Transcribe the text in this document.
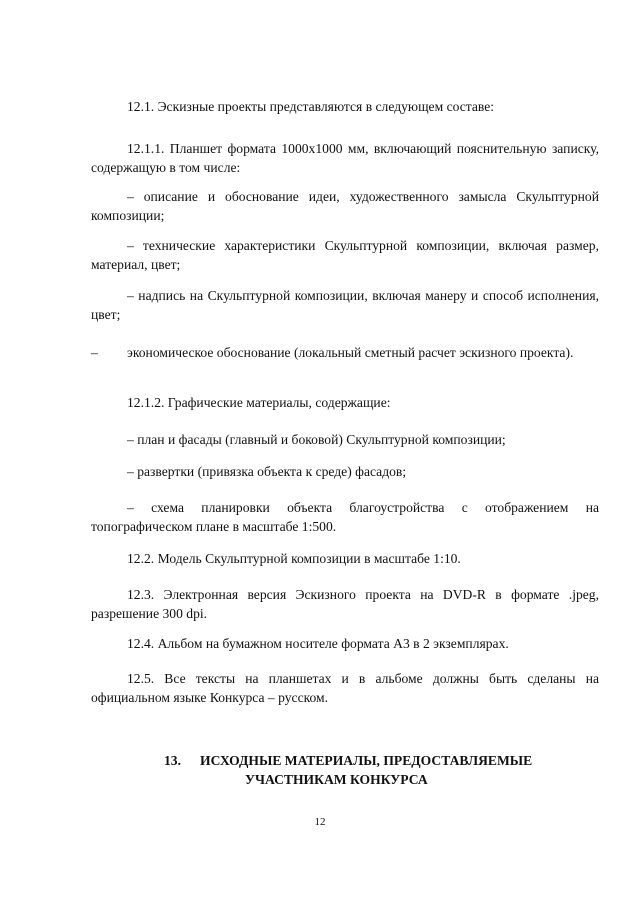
12.1. Эскизные проекты представляются в следующем составе:

12.1.1. Планшет формата 1000x1000 мм, включающий пояснительную записку, содержащую в том числе:

– описание и обоснование идеи, художественного замысла Скульптурной композиции;

– технические характеристики Скульптурной композиции, включая размер, материал, цвет;

– надпись на Скульптурной композиции, включая манеру и способ исполнения, цвет;

– экономическое обоснование (локальный сметный расчет эскизного проекта).

12.1.2. Графические материалы, содержащие:

– план и фасады (главный и боковой) Скульптурной композиции;

– развертки (привязка объекта к среде) фасадов;

– схема планировки объекта благоустройства с отображением на топографическом плане в масштабе 1:500.

12.2. Модель Скульптурной композиции в масштабе 1:10.

12.3. Электронная версия Эскизного проекта на DVD-R в формате .jpeg, разрешение 300 dpi.

12.4. Альбом на бумажном носителе формата А3 в 2 экземплярах.

12.5. Все тексты на планшетах и в альбоме должны быть сделаны на официальном языке Конкурса – русском.

13. ИСХОДНЫЕ МАТЕРИАЛЫ, ПРЕДОСТАВЛЯЕМЫЕ
УЧАСТНИКАМ КОНКУРСА

12
